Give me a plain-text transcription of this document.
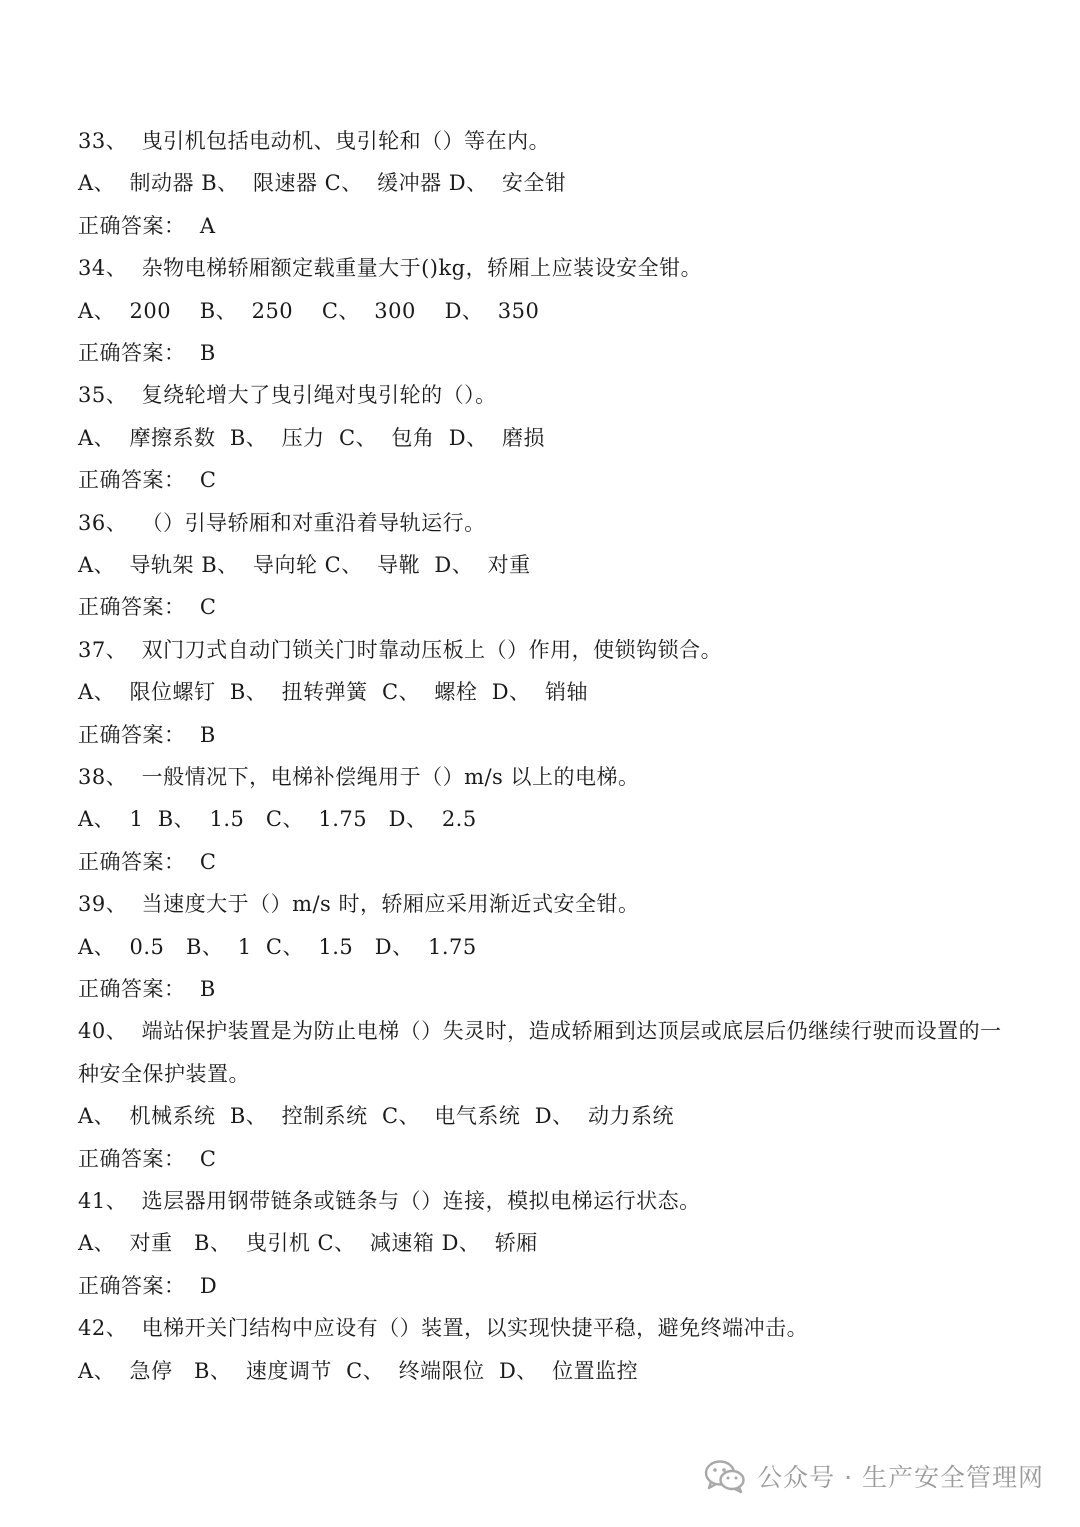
33、  曳引机包括电动机、曳引轮和（）等在内。
A、  制动器 B、  限速器 C、  缓冲器 D、  安全钳
正确答案：  A
34、  杂物电梯轿厢额定载重量大于()kg，轿厢上应装设安全钳。
A、  200    B、  250    C、  300    D、  350
正确答案：  B
35、  复绕轮增大了曳引绳对曳引轮的（）。
A、  摩擦系数  B、  压力  C、  包角  D、  磨损
正确答案：  C
36、  （）引导轿厢和对重沿着导轨运行。
A、  导轨架 B、  导向轮 C、  导靴  D、  对重
正确答案：  C
37、  双门刀式自动门锁关门时靠动压板上（）作用，使锁钩锁合。
A、  限位螺钉  B、  扭转弹簧  C、  螺栓  D、  销轴
正确答案：  B
38、  一般情况下，电梯补偿绳用于（）m/s 以上的电梯。
A、  1  B、  1.5   C、  1.75   D、  2.5
正确答案：  C
39、  当速度大于（）m/s 时，轿厢应采用渐近式安全钳。
A、  0.5   B、  1  C、  1.5   D、  1.75
正确答案：  B
40、  端站保护装置是为防止电梯（）失灵时，造成轿厢到达顶层或底层后仍继续行驶而设置的一种安全保护装置。
A、  机械系统  B、  控制系统  C、  电气系统  D、  动力系统
正确答案：  C
41、  选层器用钢带链条或链条与（）连接，模拟电梯运行状态。
A、  对重   B、  曳引机 C、  减速箱 D、  轿厢
正确答案：  D
42、  电梯开关门结构中应设有（）装置，以实现快捷平稳，避免终端冲击。
A、  急停   B、  速度调节  C、  终端限位  D、  位置监控
公众号 · 生产安全管理网
